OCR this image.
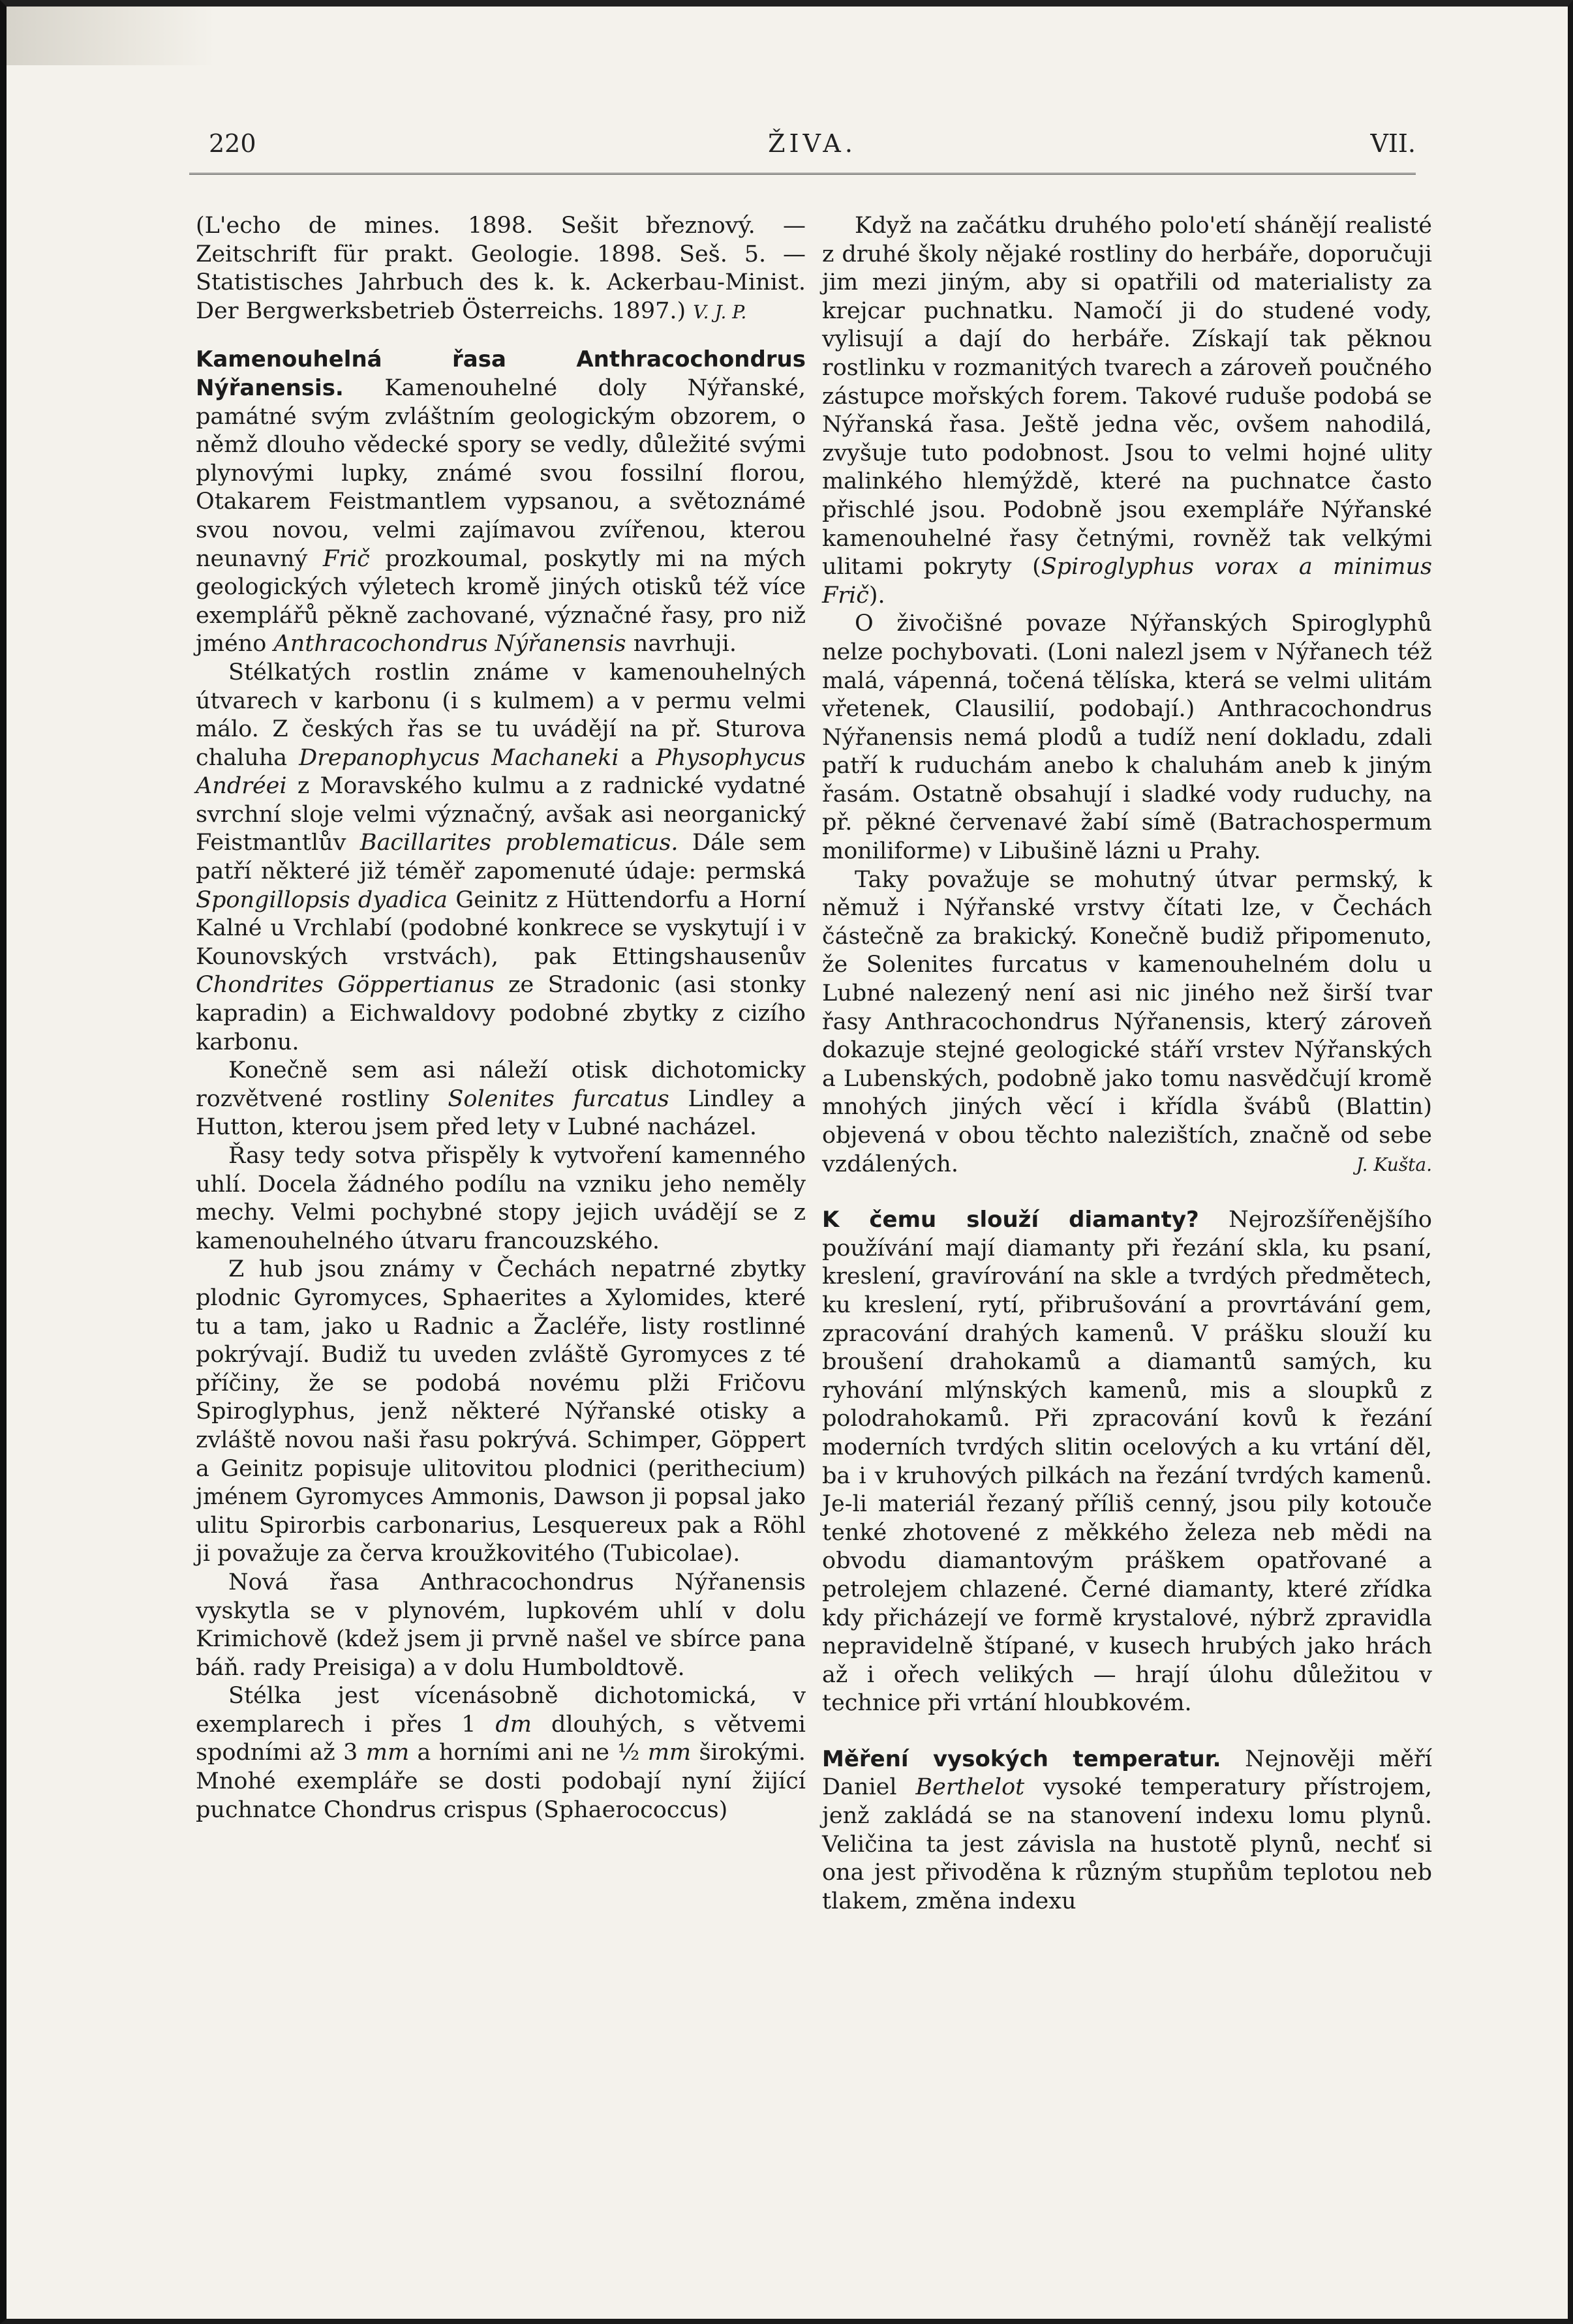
220	ŽIVA.	VII.

(L'echo de mines. 1898. Sešit březnový. — Zeitschrift für prakt. Geologie. 1898. Seš. 5. — Statistisches Jahrbuch des k. k. Ackerbau-Minist. Der Bergwerksbetrieb Österreichs. 1897.) V. J. P.

Kamenouhelná řasa Anthracochondrus Nýřanensis. Kamenouhelné doly Nýřanské, památné svým zvláštním geologickým obzorem, o němž dlouho vědecké spory se vedly, důležité svými plynovými lupky, známé svou fossilní florou, Otakarem Feistmantlem vypsanou, a světoznámé svou novou, velmi zajímavou zvířenou, kterou neunavný Frič prozkoumal, poskytly mi na mých geologických výletech kromě jiných otisků též více exemplářů pěkně zachované, význačné řasy, pro niž jméno Anthracochondrus Nýřanensis navrhuji.

Stélkatých rostlin známe v kamenouhelných útvarech v karbonu (i s kulmem) a v permu velmi málo. Z českých řas se tu uvádějí na př. Sturova chaluha Drepanophycus Machaneki a Physophycus Andréei z Moravského kulmu a z radnické vydatné svrchní sloje velmi význačný, avšak asi neorganický Feistmantlův Bacillarites problematicus. Dále sem patří některé již téměř zapomenuté údaje: permská Spongillopsis dyadica Geinitz z Hüttendorfu a Horní Kalné u Vrchlabí (podobné konkrece se vyskytují i v Kounovských vrstvách), pak Ettingshausenův Chondrites Göppertianus ze Stradonic (asi stonky kapradin) a Eichwaldovy podobné zbytky z cizího karbonu.

Konečně sem asi náleží otisk dichotomicky rozvětvené rostliny Solenites furcatus Lindley a Hutton, kterou jsem před lety v Lubné nacházel.

Řasy tedy sotva přispěly k vytvoření kamenného uhlí. Docela žádného podílu na vzniku jeho neměly mechy. Velmi pochybné stopy jejich uvádějí se z kamenouhelného útvaru francouzského.

Z hub jsou známy v Čechách nepatrné zbytky plodnic Gyromyces, Sphaerites a Xylomides, které tu a tam, jako u Radnic a Žacléře, listy rostlinné pokrývají. Budiž tu uveden zvláště Gyromyces z té příčiny, že se podobá novému plži Fričovu Spiroglyphus, jenž některé Nýřanské otisky a zvláště novou naši řasu pokrývá. Schimper, Göppert a Geinitz popisuje ulitovitou plodnici (perithecium) jménem Gyromyces Ammonis, Dawson ji popsal jako ulitu Spirorbis carbonarius, Lesquereux pak a Röhl ji považuje za červa kroužkovitého (Tubicolae).

Nová řasa Anthracochondrus Nýřanensis vyskytla se v plynovém, lupkovém uhlí v dolu Krimichově (kdež jsem ji prvně našel ve sbírce pana báň. rady Preisiga) a v dolu Humboldtově.

Stélka jest vícenásobně dichotomická, v exemplarech i přes 1 dm dlouhých, s větvemi spodními až 3 mm a horními ani ne ½ mm širokými. Mnohé exempláře se dosti podobají nyní žijící puchnatce Chondrus crispus (Sphaerococcus)

Když na začátku druhého polo'etí shánějí realisté z druhé školy nějaké rostliny do herbáře, doporučuji jim mezi jiným, aby si opatřili od materialisty za krejcar puchnatku. Namočí ji do studené vody, vylisují a dají do herbáře. Získají tak pěknou rostlinku v rozmanitých tvarech a zároveň poučného zástupce mořských forem. Takové ruduše podobá se Nýřanská řasa. Ještě jedna věc, ovšem nahodilá, zvyšuje tuto podobnost. Jsou to velmi hojné ulity malinkého hlemýždě, které na puchnatce často přischlé jsou. Podobně jsou exempláře Nýřanské kamenouhelné řasy četnými, rovněž tak velkými ulitami pokryty (Spiroglyphus vorax a minimus Frič).

O živočišné povaze Nýřanských Spiroglyphů nelze pochybovati. (Loni nalezl jsem v Nýřanech též malá, vápenná, točená tělíska, která se velmi ulitám vřetenek, Clausilií, podobají.) Anthracochondrus Nýřanensis nemá plodů a tudíž není dokladu, zdali patří k ruduchám anebo k chaluhám aneb k jiným řasám. Ostatně obsahují i sladké vody ruduchy, na př. pěkné červenavé žabí símě (Batrachospermum moniliforme) v Libušině lázni u Prahy.

Taky považuje se mohutný útvar permský, k němuž i Nýřanské vrstvy čítati lze, v Čechách částečně za brakický. Konečně budiž připomenuto, že Solenites furcatus v kamenouhelném dolu u Lubné nalezený není asi nic jiného než širší tvar řasy Anthracochondrus Nýřanensis, který zároveň dokazuje stejné geologické stáří vrstev Nýřanských a Lubenských, podobně jako tomu nasvědčují kromě mnohých jiných věcí i křídla švábů (Blattin) objevená v obou těchto nalezištích, značně od sebe vzdálených.	J. Kušta.

K čemu slouží diamanty? Nejrozšířenějšího používání mají diamanty při řezání skla, ku psaní, kreslení, gravírování na skle a tvrdých předmětech, ku kreslení, rytí, přibrušování a provrtávání gem, zpracování drahých kamenů. V prášku slouží ku broušení drahokamů a diamantů samých, ku ryhování mlýnských kamenů, mis a sloupků z polodrahokamů. Při zpracování kovů k řezání moderních tvrdých slitin ocelových a ku vrtání děl, ba i v kruhových pilkách na řezání tvrdých kamenů. Je-li materiál řezaný příliš cenný, jsou pily kotouče tenké zhotovené z měkkého železa neb mědi na obvodu diamantovým práškem opatřované a petrolejem chlazené. Černé diamanty, které zřídka kdy přicházejí ve formě krystalové, nýbrž zpravidla nepravidelně štípané, v kusech hrubých jako hrách až i ořech velikých — hrají úlohu důležitou v technice při vrtání hloubkovém.

Měření vysokých temperatur. Nejnověji měří Daniel Berthelot vysoké temperatury přístrojem, jenž zakládá se na stanovení indexu lomu plynů. Veličina ta jest závisla na hustotě plynů, nechť si ona jest přivoděna k různým stupňům teplotou neb tlakem, změna indexu
